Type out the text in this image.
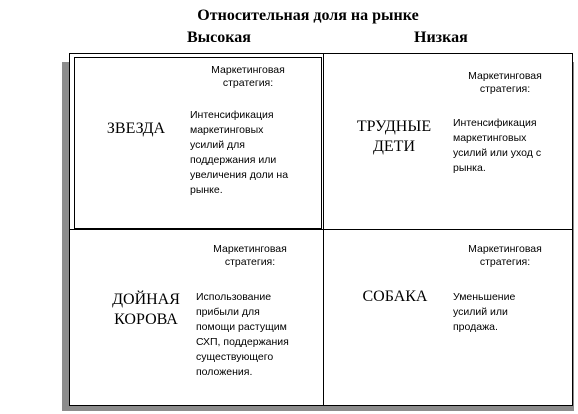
Относительная доля на рынке
Высокая	Низкая
Маркетинговая
стратегия:
ЗВЕЗДА
Интенсификация
маркетинговых
усилий для
поддержания или
увеличения доли на
рынке.
Маркетинговая
стратегия:
ТРУДНЫЕ
ДЕТИ
Интенсификация
маркетинговых
усилий или уход с
рынка.
Маркетинговая
стратегия:
ДОЙНАЯ
КОРОВА
Использование
прибыли для
помощи растущим
СХП, поддержания
существующего
положения.
Маркетинговая
стратегия:
СОБАКА	Уменьшение
усилий или
продажа.
